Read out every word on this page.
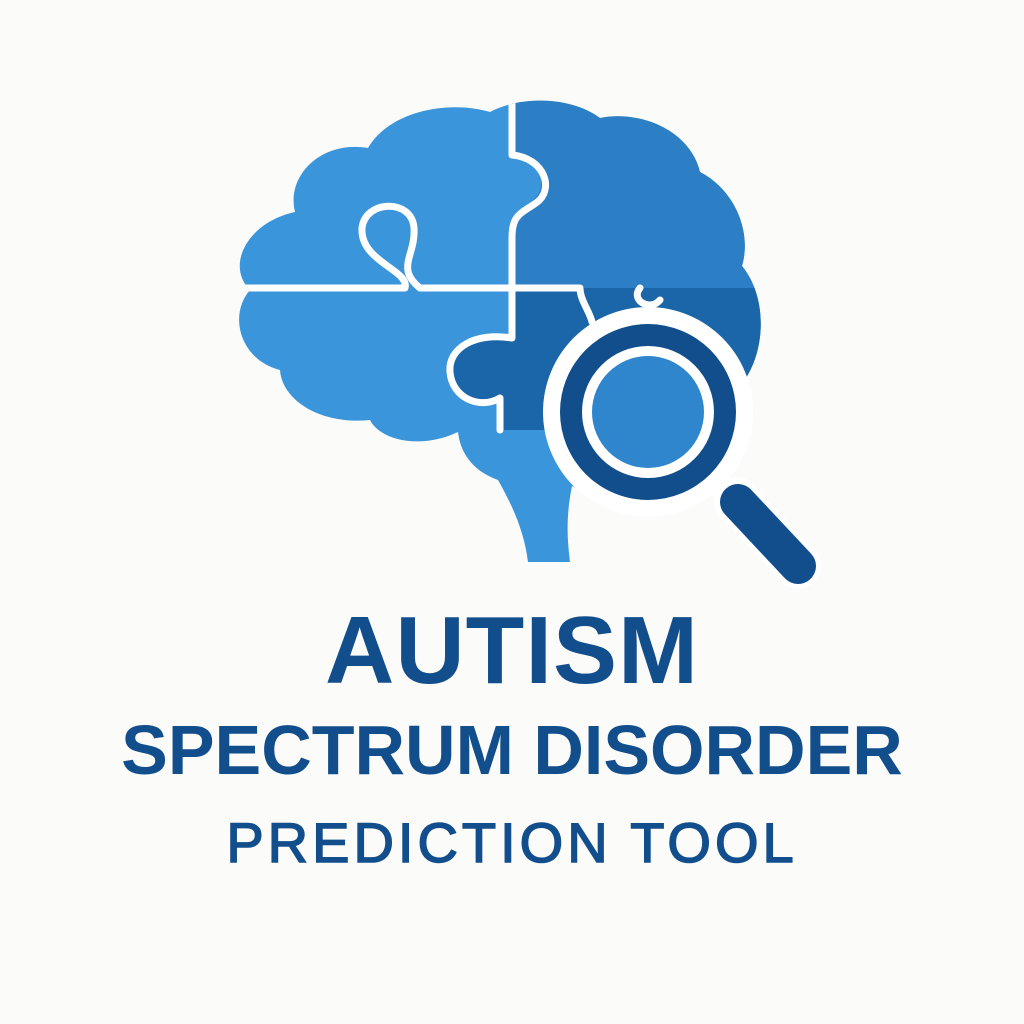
AUTISM
SPECTRUM DISORDER
PREDICTION TOOL
